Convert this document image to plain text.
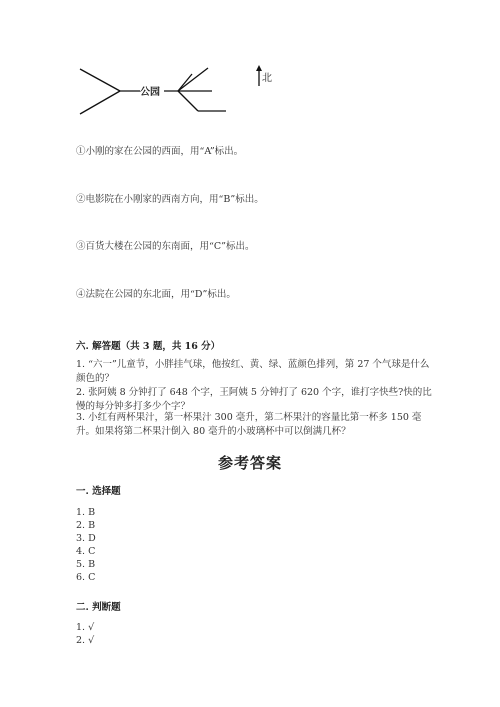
公园
北
①小刚的家在公园的西面，用“A”标出。
②电影院在小刚家的西南方向，用“B”标出。
③百货大楼在公园的东南面，用“C”标出。
④法院在公园的东北面，用“D”标出。
六. 解答题（共 3 题，共 16 分）
1. “六一”儿童节，小胖挂气球，他按红、黄、绿、蓝颜色排列，第 27 个气球是什么颜色的？
2. 张阿姨 8 分钟打了 648 个字，王阿姨 5 分钟打了 620 个字，谁打字快些?快的比慢的每分钟多打多少个字？
3. 小红有两杯果汁，第一杯果汁 300 毫升，第二杯果汁的容量比第一杯多 150 毫升。如果将第二杯果汁倒入 80 毫升的小玻璃杯中可以倒满几杯？
参考答案
一. 选择题
1. B
2. B
3. D
4. C
5. B
6. C
二. 判断题
1. √
2. √
